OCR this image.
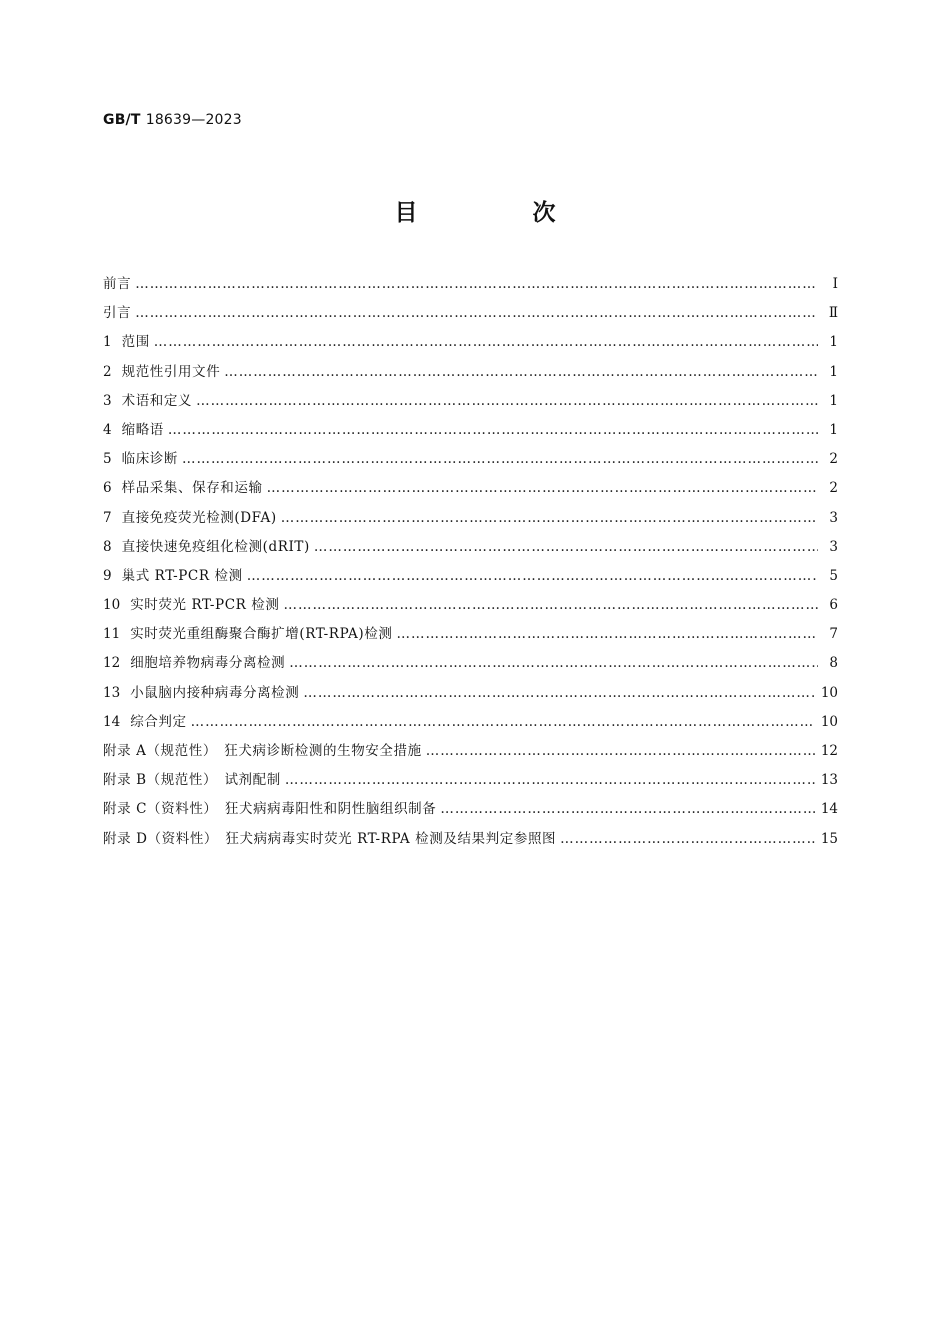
GB/T 18639—2023
目　次
前言 ……………………………………………………………………………………………………………………………………………………………………………………	Ⅰ
引言 ……………………………………………………………………………………………………………………………………………………………………………………	Ⅱ
1 范围 ……………………………………………………………………………………………………………………………………………………………………………………	1
2 规范性引用文件 ……………………………………………………………………………………………………………………………………………………………………………………	1
3 术语和定义 ……………………………………………………………………………………………………………………………………………………………………………………	1
4 缩略语 ……………………………………………………………………………………………………………………………………………………………………………………	1
5 临床诊断 ……………………………………………………………………………………………………………………………………………………………………………………	2
6 样品采集、保存和运输 ……………………………………………………………………………………………………………………………………………………………………………………	2
7 直接免疫荧光检测(DFA) ……………………………………………………………………………………………………………………………………………………………………………………	3
8 直接快速免疫组化检测(dRIT) ……………………………………………………………………………………………………………………………………………………………………………………	3
9 巢式 RT-PCR 检测 ……………………………………………………………………………………………………………………………………………………………………………………	5
10 实时荧光 RT-PCR 检测 ……………………………………………………………………………………………………………………………………………………………………………………	6
11 实时荧光重组酶聚合酶扩增(RT-RPA)检测 ……………………………………………………………………………………………………………………………………………………………………………………	7
12 细胞培养物病毒分离检测 ……………………………………………………………………………………………………………………………………………………………………………………	8
13 小鼠脑内接种病毒分离检测 ……………………………………………………………………………………………………………………………………………………………………………………	10
14 综合判定 ……………………………………………………………………………………………………………………………………………………………………………………	10
附录 A（规范性）　狂犬病诊断检测的生物安全措施 ……………………………………………………………………………………………………………………………………………………………………………………	12
附录 B（规范性）　试剂配制 ……………………………………………………………………………………………………………………………………………………………………………………	13
附录 C（资料性）　狂犬病病毒阳性和阴性脑组织制备 ……………………………………………………………………………………………………………………………………………………………………………………	14
附录 D（资料性）　狂犬病病毒实时荧光 RT-RPA 检测及结果判定参照图 ……………………………………………………………………………………………………………………………………………………………………………………	15
